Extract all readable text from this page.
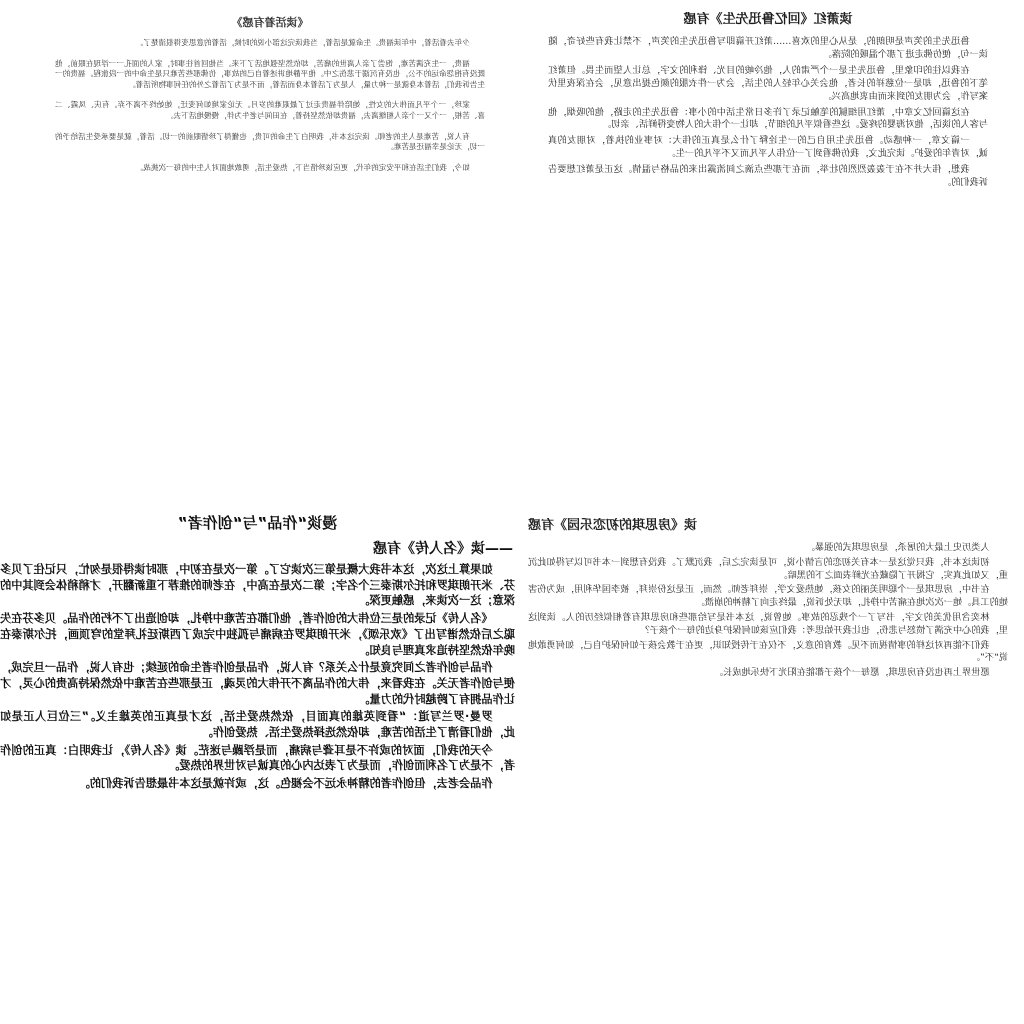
《读活着有感》

少年去看活着，中年读福贵。生命就是活着，当我读完这部小说的时候，活着的意思变得很清楚了。

福贵，一生充满苦难，饱尝了亲人离世的痛苦，却依然坚强地活了下来。当他回首往事时，家人的面孔一一浮现在眼前，他既没有抱怨命运的不公，也没有沉溺于悲伤之中。他平静地讲述着自己的故事，仿佛那些苦难只是生命中的一段旅程。福贵的一生告诉我们，活着本身就是一种力量，人是为了活着本身而活着，而不是为了活着之外的任何事物所活着。

家珍，一个平凡而伟大的女性，她陪伴福贵走过了最艰难的岁月。无论家境如何变迁，她始终不离不弃。有庆、凤霞、二喜、苦根，一个又一个亲人相继离去，福贵却依然坚持着，在田间与老牛为伴，慢慢地活下去。

有人说，苦难是人生的老师。读完这本书，我明白了生命的可贵，也懂得了珍惜眼前的一切。活着，就是要承受生活给予的一切，无论是幸福还是苦难。

如今，我们生活在和平安定的年代，更应该珍惜当下，热爱生活，勇敢地面对人生中的每一次挑战。

读萧红《回忆鲁迅先生》有感

鲁迅先生的笑声是明朗的，是从心里的欢喜……萧红开篇即写鲁迅先生的笑声，不禁让我有些好奇，随读一句，便仿佛走进了那个温暖的院落。

在我以往的印象里，鲁迅先生是一个严肃的人，他冷峻的目光、锋利的文字，总让人望而生畏。但萧红笔下的鲁迅，却是一位慈祥的长者，他会关心年轻人的生活，会为一件衣服的颜色提出意见，会在深夜里伏案写作，会为朋友的到来而由衷地高兴。

在这篇回忆文章中，萧红用细腻的笔触记录了许多日常生活中的小事：鲁迅先生的走路，他的吸烟，他与客人的谈话，他对海婴的疼爱。这些看似平凡的细节，却让一个伟大的人物变得鲜活、亲切。

一篇文章，一种感动。鲁迅先生用自己的一生诠释了什么是真正的伟大：对事业的执着，对朋友的真诚，对青年的爱护。读完此文，我仿佛看到了一位伟人平凡而又不平凡的一生。

我想，伟大并不在于轰轰烈烈的壮举，而在于那些点滴之间流露出来的品格与温情。这正是萧红想要告诉我们的。

漫谈“作品”与“创作者”
——读《名人传》有感

如果算上这次，这本书我大概是第三次读它了。第一次是在初中，那时读得很是匆忙，只记住了贝多芬、米开朗琪罗和托尔斯泰三个名字；第二次是在高中，在老师的推荐下重新翻开，才稍稍体会到其中的深意；这一次读来，感触更深。

《名人传》记录的是三位伟大的创作者，他们都在苦难中挣扎，却创造出了不朽的作品。贝多芬在失聪之后依然谱写出了《欢乐颂》，米开朗琪罗在病痛与孤独中完成了西斯廷礼拜堂的穹顶画，托尔斯泰在晚年依然坚持追求真理与良知。

作品与创作者之间究竟是什么关系？有人说，作品是创作者生命的延续；也有人说，作品一旦完成，便与创作者无关。在我看来，伟大的作品离不开伟大的灵魂，正是那些在苦难中依然保持高贵的心灵，才让作品拥有了跨越时代的力量。

罗曼·罗兰写道：“看到英雄的真面目，依然热爱生活，这才是真正的英雄主义。”三位巨人正是如此，他们看清了生活的苦难，却依然选择热爱生活、热爱创作。

今天的我们，面对的或许不是耳聋与病痛，而是浮躁与迷茫。读《名人传》，让我明白：真正的创作者，不是为了名利而创作，而是为了表达内心的真诚与对世界的热爱。

作品会老去，但创作者的精神永远不会褪色。这，或许就是这本书最想告诉我们的。

读《房思琪的初恋乐园》有感

人类历史上最大的屠杀，是房思琪式的强暴。

初读这本书，我只觉这是一本有关初恋的言情小说，可是读完之后，我沉默了。我没有想到一本书可以写得如此沉重，又如此真实，它揭开了隐藏在光鲜表面之下的黑暗。

在书中，房思琪是一个聪明美丽的女孩，她热爱文学，崇拜老师。然而，正是这份崇拜，被李国华利用，成为伤害她的工具。她一次次地在痛苦中挣扎，却无处诉说，最终走向了精神的崩溃。

林奕含用优美的文字，书写了一个残忍的故事。她曾说，这本书是写给那些和房思琪有着相似经历的人。读到这里，我的心中充满了愤怒与悲伤，也让我开始思考：我们应该如何保护身边的每一个孩子？

我们不能再对这样的事情视而不见。教育的意义，不仅在于传授知识，更在于教会孩子如何保护自己，如何勇敢地说“不”。

愿世界上再也没有房思琪，愿每一个孩子都能在阳光下快乐地成长。
